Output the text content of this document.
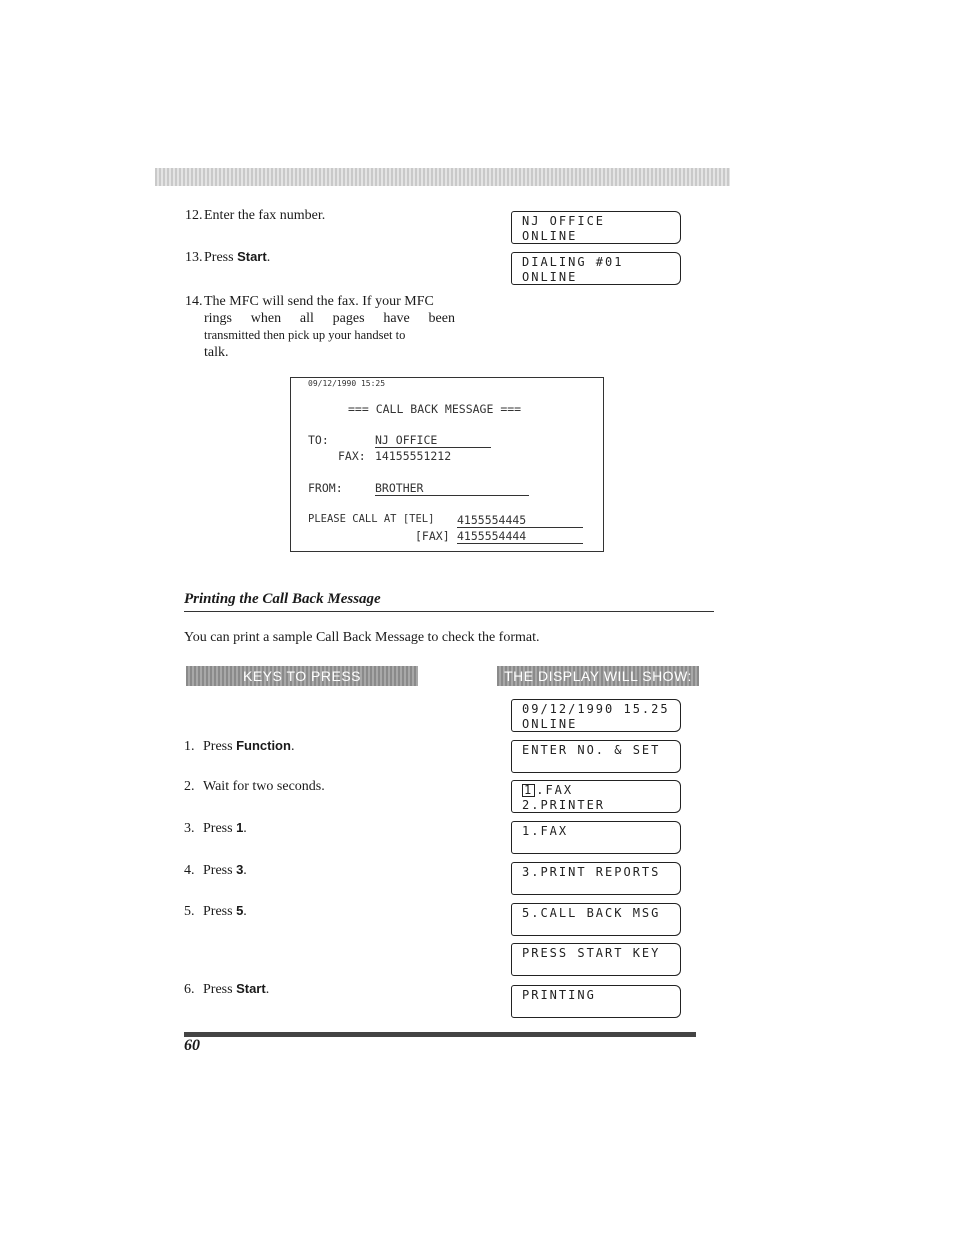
12. Enter the fax number.
13. Press Start.
14. The MFC will send the fax. If your MFC
rings when all pages have been
transmitted then pick up your handset to
talk.
NJ OFFICE
ONLINE
DIALING #01
ONLINE
09/12/1990 15:25
=== CALL BACK MESSAGE ===
TO:	NJ OFFICE
FAX: 14155551212
FROM:	BROTHER
PLEASE CALL AT [TEL] 4155554445
[FAX] 4155554444
Printing the Call Back Message
You can print a sample Call Back Message to check the format.
KEYS TO PRESS	THE DISPLAY WILL SHOW:
1. Press Function.
2. Wait for two seconds.
3. Press 1.
4. Press 3.
5. Press 5.
6. Press Start.
09/12/1990 15.25
ONLINE
ENTER NO. & SET
1 .FAX
2.PRINTER
1.FAX
3.PRINT REPORTS
5.CALL BACK MSG
PRESS START KEY
PRINTING
60
